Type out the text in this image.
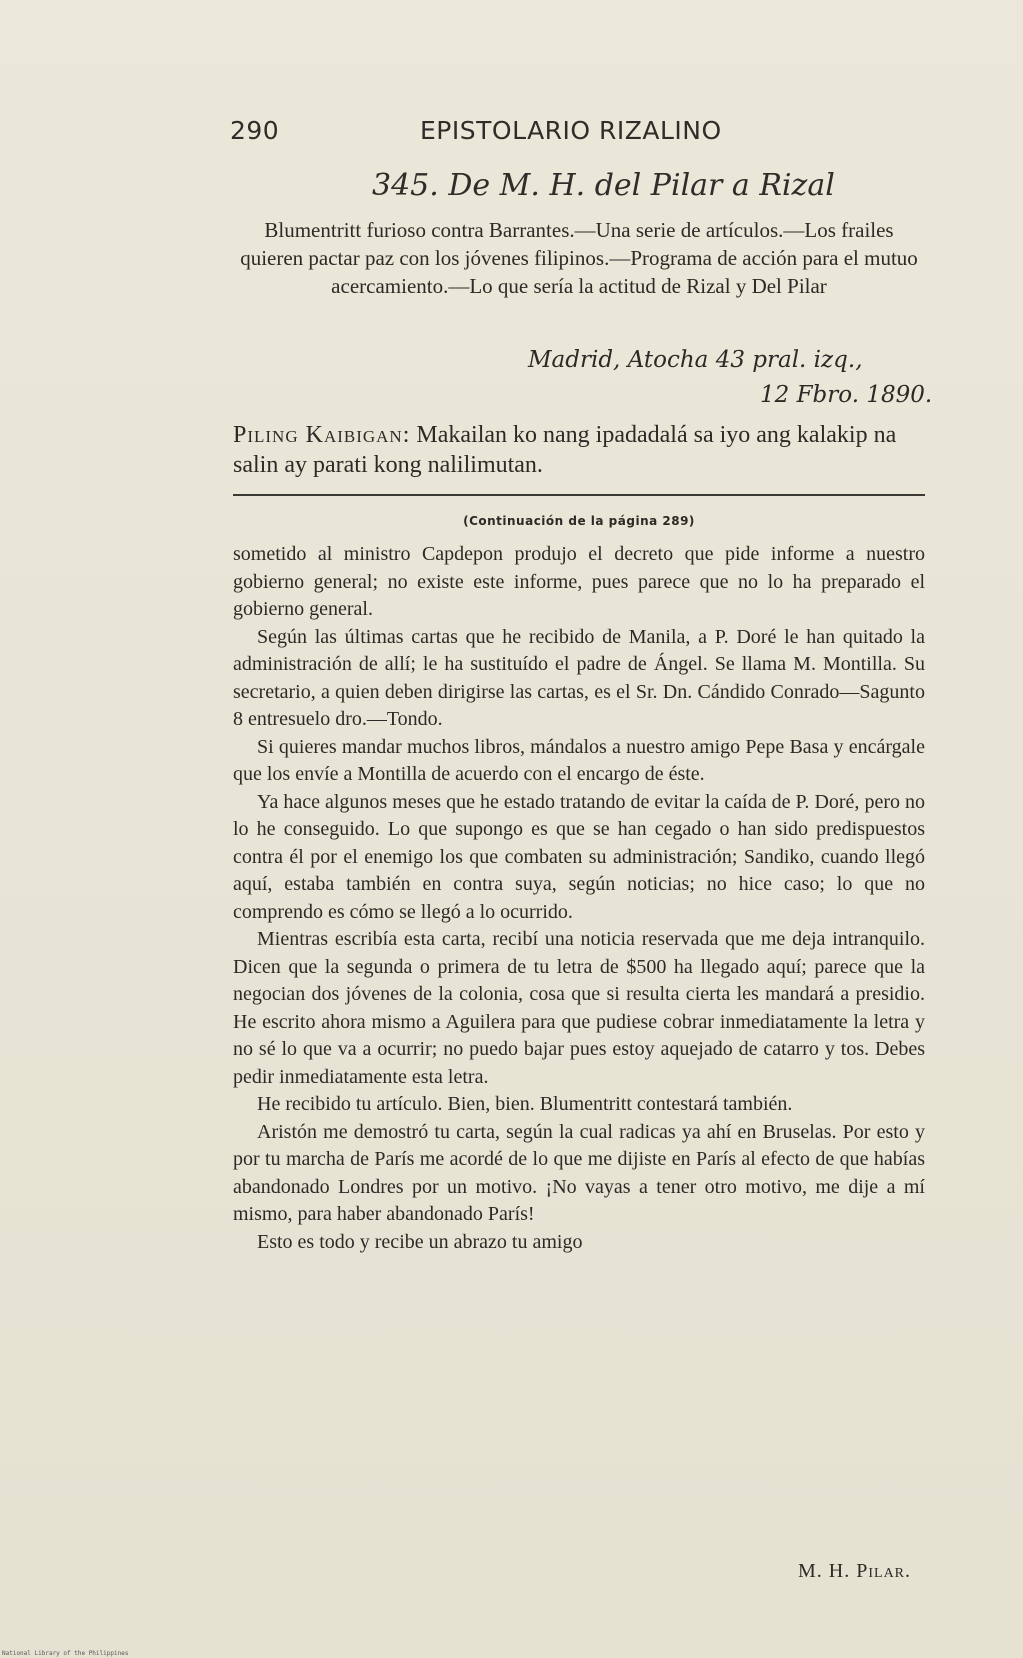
290	EPISTOLARIO RIZALINO
345. De M. H. del Pilar a Rizal
Blumentritt furioso contra Barrantes.—Una serie de artículos.—Los frailes quieren pactar paz con los jóvenes filipinos.—Programa de acción para el mutuo acercamiento.—Lo que sería la actitud de Rizal y Del Pilar
Madrid, Atocha 43 pral. izq.,
12 Fbro. 1890.
Piling Kaibigan: Makailan ko nang ipadadalá sa iyo ang kalakip na salin ay parati kong nalilimutan.
(Continuación de la página 289)

sometido al ministro Capdepon produjo el decreto que pide informe a nuestro gobierno general; no existe este informe, pues parece que no lo ha preparado el gobierno general.

Según las últimas cartas que he recibido de Manila, a P. Doré le han quitado la administración de allí; le ha sustituído el padre de Ángel. Se llama M. Montilla. Su secretario, a quien deben dirigirse las cartas, es el Sr. Dn. Cándido Conrado—Sagunto 8 entresuelo dro.—Tondo.

Si quieres mandar muchos libros, mándalos a nuestro amigo Pepe Basa y encárgale que los envíe a Montilla de acuerdo con el encargo de éste.

Ya hace algunos meses que he estado tratando de evitar la caída de P. Doré, pero no lo he conseguido. Lo que supongo es que se han cegado o han sido predispuestos contra él por el enemigo los que combaten su administración; Sandiko, cuando llegó aquí, estaba también en contra suya, según noticias; no hice caso; lo que no comprendo es cómo se llegó a lo ocurrido.

Mientras escribía esta carta, recibí una noticia reservada que me deja intranquilo. Dicen que la segunda o primera de tu letra de $500 ha llegado aquí; parece que la negocian dos jóvenes de la colonia, cosa que si resulta cierta les mandará a presidio. He escrito ahora mismo a Aguilera para que pudiese cobrar inmediatamente la letra y no sé lo que va a ocurrir; no puedo bajar pues estoy aquejado de catarro y tos. Debes pedir inmediatamente esta letra.

He recibido tu artículo. Bien, bien. Blumentritt contestará también.

Aristón me demostró tu carta, según la cual radicas ya ahí en Bruselas. Por esto y por tu marcha de París me acordé de lo que me dijiste en París al efecto de que habías abandonado Londres por un motivo. ¡No vayas a tener otro motivo, me dije a mí mismo, para haber abandonado París!

Esto es todo y recibe un abrazo tu amigo

M. H. Pilar.
National Library of the Philippines
